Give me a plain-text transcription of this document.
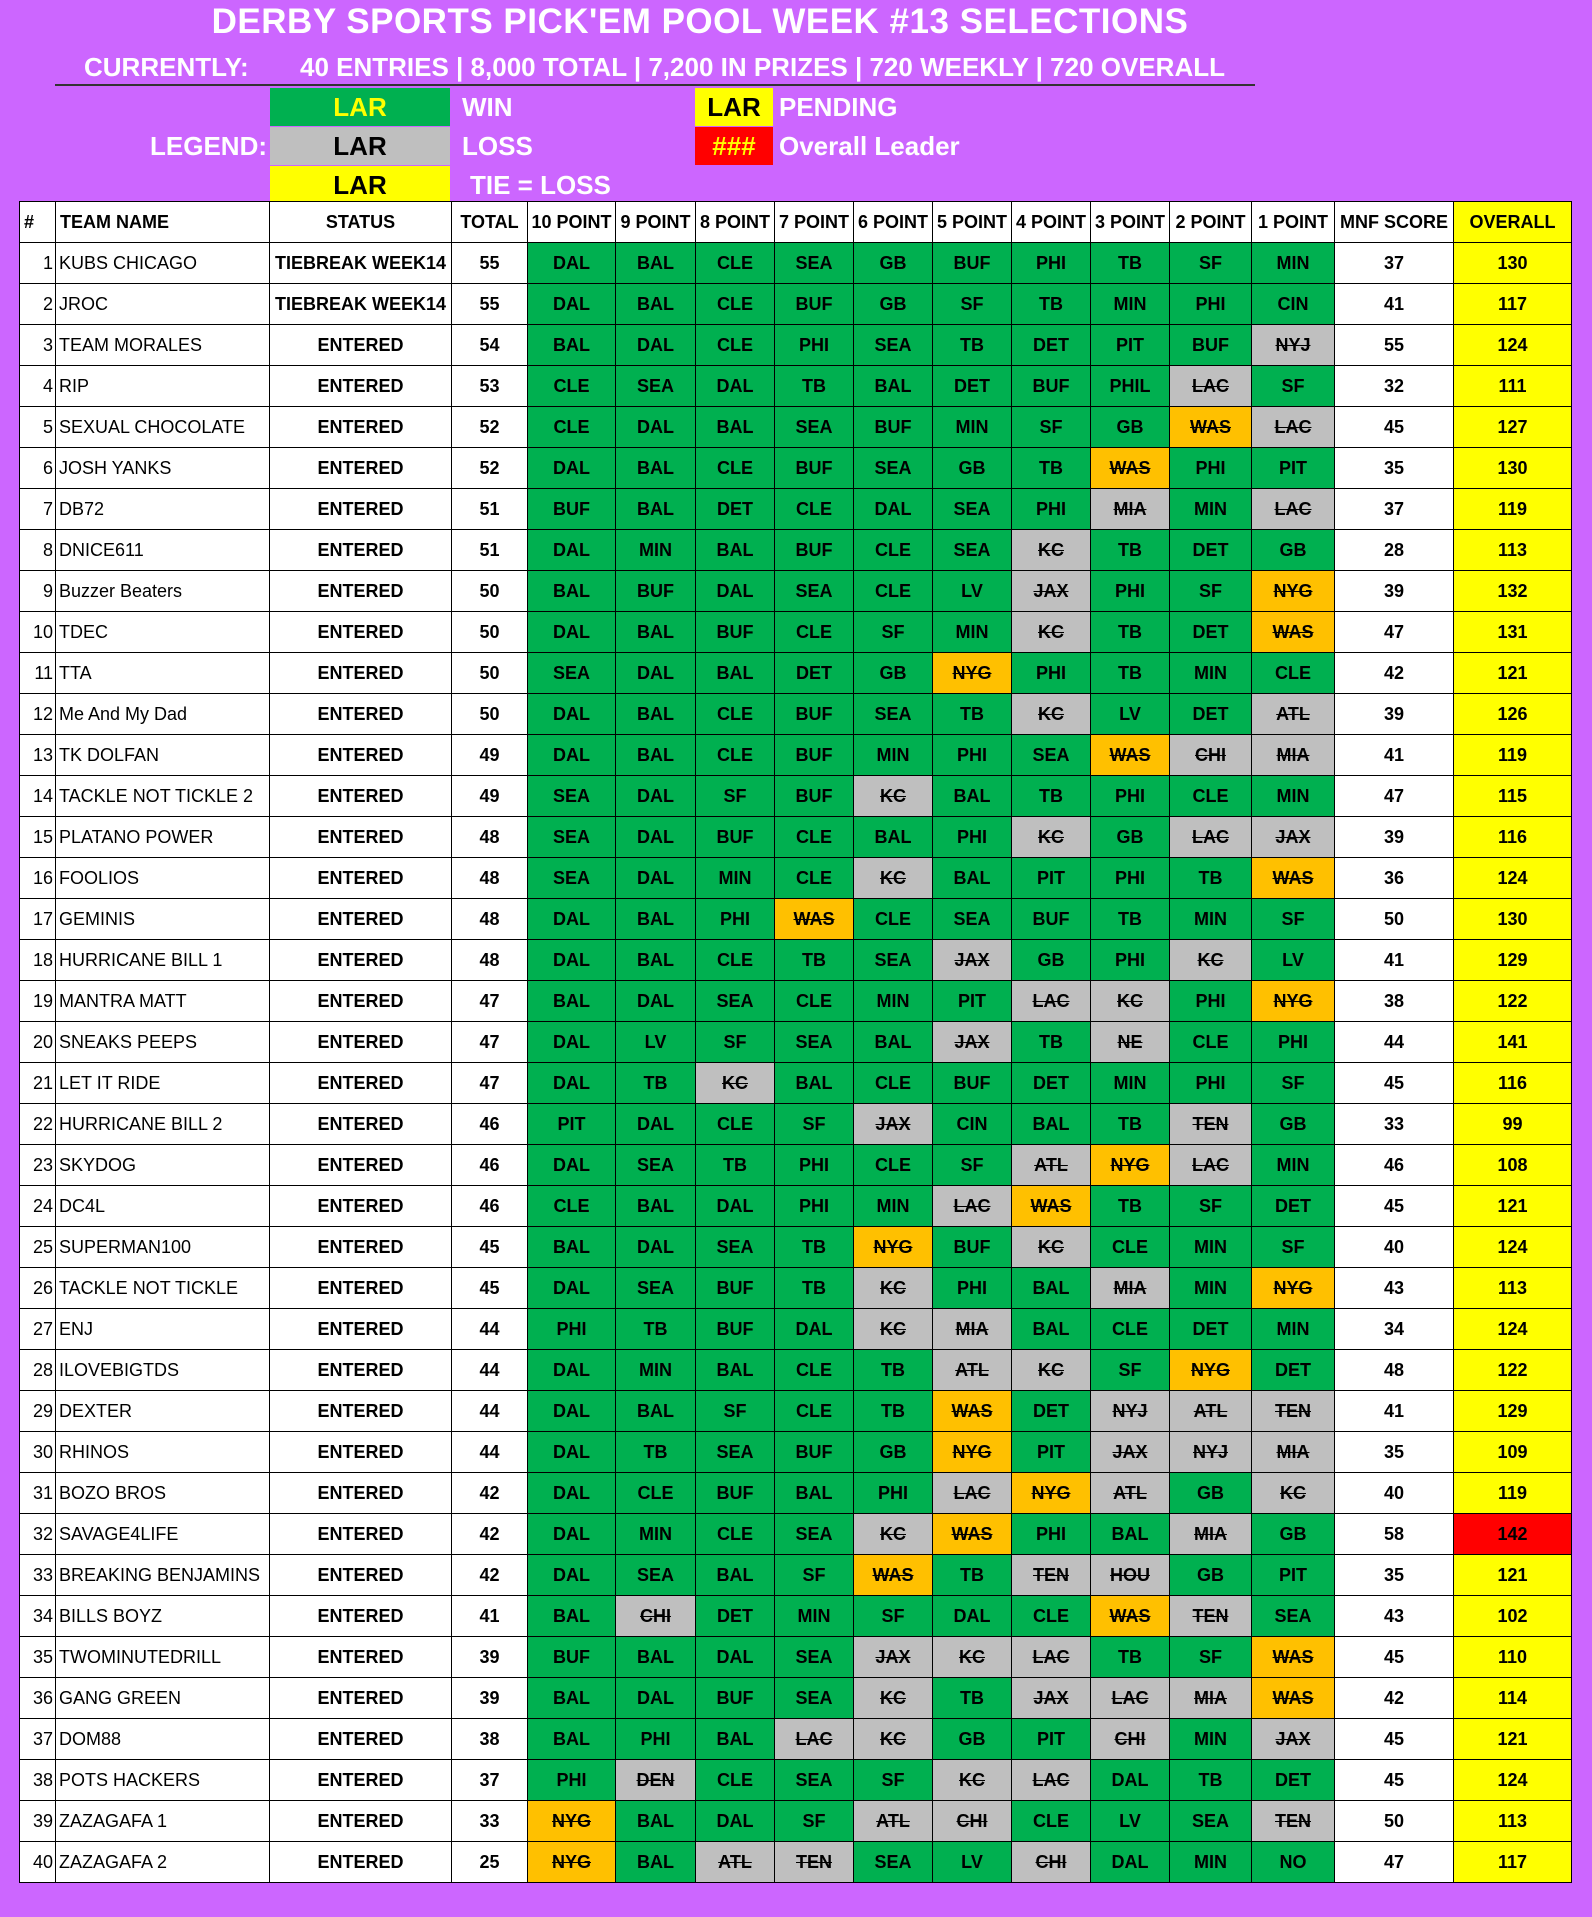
DERBY SPORTS PICK'EM POOL WEEK #13 SELECTIONS
CURRENTLY: 40 ENTRIES | 8,000 TOTAL | 7,200 IN PRIZES | 720 WEEKLY | 720 OVERALL
LEGEND:
LAR	WIN
LAR	LOSS
LAR	TIE = LOSS
LAR PENDING
### Overall Leader
#	TEAM NAME	STATUS	TOTAL	10 POINT	9 POINT	8 POINT	7 POINT	6 POINT	5 POINT	4 POINT	3 POINT	2 POINT	1 POINT	MNF SCORE	OVERALL
1	KUBS CHICAGO	TIEBREAK WEEK14	55	DAL	BAL	CLE	SEA	GB	BUF	PHI	TB	SF	MIN	37	130
2	JROC	TIEBREAK WEEK14	55	DAL	BAL	CLE	BUF	GB	SF	TB	MIN	PHI	CIN	41	117
3	TEAM MORALES	ENTERED	54	BAL	DAL	CLE	PHI	SEA	TB	DET	PIT	BUF	NYJ	55	124
4	RIP	ENTERED	53	CLE	SEA	DAL	TB	BAL	DET	BUF	PHIL	LAC	SF	32	111
5	SEXUAL CHOCOLATE	ENTERED	52	CLE	DAL	BAL	SEA	BUF	MIN	SF	GB	WAS	LAC	45	127
6	JOSH YANKS	ENTERED	52	DAL	BAL	CLE	BUF	SEA	GB	TB	WAS	PHI	PIT	35	130
7	DB72	ENTERED	51	BUF	BAL	DET	CLE	DAL	SEA	PHI	MIA	MIN	LAC	37	119
8	DNICE611	ENTERED	51	DAL	MIN	BAL	BUF	CLE	SEA	KC	TB	DET	GB	28	113
9	Buzzer Beaters	ENTERED	50	BAL	BUF	DAL	SEA	CLE	LV	JAX	PHI	SF	NYG	39	132
10	TDEC	ENTERED	50	DAL	BAL	BUF	CLE	SF	MIN	KC	TB	DET	WAS	47	131
11	TTA	ENTERED	50	SEA	DAL	BAL	DET	GB	NYG	PHI	TB	MIN	CLE	42	121
12	Me And My Dad	ENTERED	50	DAL	BAL	CLE	BUF	SEA	TB	KC	LV	DET	ATL	39	126
13	TK DOLFAN	ENTERED	49	DAL	BAL	CLE	BUF	MIN	PHI	SEA	WAS	CHI	MIA	41	119
14	TACKLE NOT TICKLE 2	ENTERED	49	SEA	DAL	SF	BUF	KC	BAL	TB	PHI	CLE	MIN	47	115
15	PLATANO POWER	ENTERED	48	SEA	DAL	BUF	CLE	BAL	PHI	KC	GB	LAC	JAX	39	116
16	FOOLIOS	ENTERED	48	SEA	DAL	MIN	CLE	KC	BAL	PIT	PHI	TB	WAS	36	124
17	GEMINIS	ENTERED	48	DAL	BAL	PHI	WAS	CLE	SEA	BUF	TB	MIN	SF	50	130
18	HURRICANE BILL 1	ENTERED	48	DAL	BAL	CLE	TB	SEA	JAX	GB	PHI	KC	LV	41	129
19	MANTRA MATT	ENTERED	47	BAL	DAL	SEA	CLE	MIN	PIT	LAC	KC	PHI	NYG	38	122
20	SNEAKS PEEPS	ENTERED	47	DAL	LV	SF	SEA	BAL	JAX	TB	NE	CLE	PHI	44	141
21	LET IT RIDE	ENTERED	47	DAL	TB	KC	BAL	CLE	BUF	DET	MIN	PHI	SF	45	116
22	HURRICANE BILL 2	ENTERED	46	PIT	DAL	CLE	SF	JAX	CIN	BAL	TB	TEN	GB	33	99
23	SKYDOG	ENTERED	46	DAL	SEA	TB	PHI	CLE	SF	ATL	NYG	LAC	MIN	46	108
24	DC4L	ENTERED	46	CLE	BAL	DAL	PHI	MIN	LAC	WAS	TB	SF	DET	45	121
25	SUPERMAN100	ENTERED	45	BAL	DAL	SEA	TB	NYG	BUF	KC	CLE	MIN	SF	40	124
26	TACKLE NOT TICKLE	ENTERED	45	DAL	SEA	BUF	TB	KC	PHI	BAL	MIA	MIN	NYG	43	113
27	ENJ	ENTERED	44	PHI	TB	BUF	DAL	KC	MIA	BAL	CLE	DET	MIN	34	124
28	ILOVEBIGTDS	ENTERED	44	DAL	MIN	BAL	CLE	TB	ATL	KC	SF	NYG	DET	48	122
29	DEXTER	ENTERED	44	DAL	BAL	SF	CLE	TB	WAS	DET	NYJ	ATL	TEN	41	129
30	RHINOS	ENTERED	44	DAL	TB	SEA	BUF	GB	NYG	PIT	JAX	NYJ	MIA	35	109
31	BOZO BROS	ENTERED	42	DAL	CLE	BUF	BAL	PHI	LAC	NYG	ATL	GB	KC	40	119
32	SAVAGE4LIFE	ENTERED	42	DAL	MIN	CLE	SEA	KC	WAS	PHI	BAL	MIA	GB	58	142
33	BREAKING BENJAMINS	ENTERED	42	DAL	SEA	BAL	SF	WAS	TB	TEN	HOU	GB	PIT	35	121
34	BILLS BOYZ	ENTERED	41	BAL	CHI	DET	MIN	SF	DAL	CLE	WAS	TEN	SEA	43	102
35	TWOMINUTEDRILL	ENTERED	39	BUF	BAL	DAL	SEA	JAX	KC	LAC	TB	SF	WAS	45	110
36	GANG GREEN	ENTERED	39	BAL	DAL	BUF	SEA	KC	TB	JAX	LAC	MIA	WAS	42	114
37	DOM88	ENTERED	38	BAL	PHI	BAL	LAC	KC	GB	PIT	CHI	MIN	JAX	45	121
38	POTS HACKERS	ENTERED	37	PHI	DEN	CLE	SEA	SF	KC	LAC	DAL	TB	DET	45	124
39	ZAZAGAFA 1	ENTERED	33	NYG	BAL	DAL	SF	ATL	CHI	CLE	LV	SEA	TEN	50	113
40	ZAZAGAFA 2	ENTERED	25	NYG	BAL	ATL	TEN	SEA	LV	CHI	DAL	MIN	NO	47	117
